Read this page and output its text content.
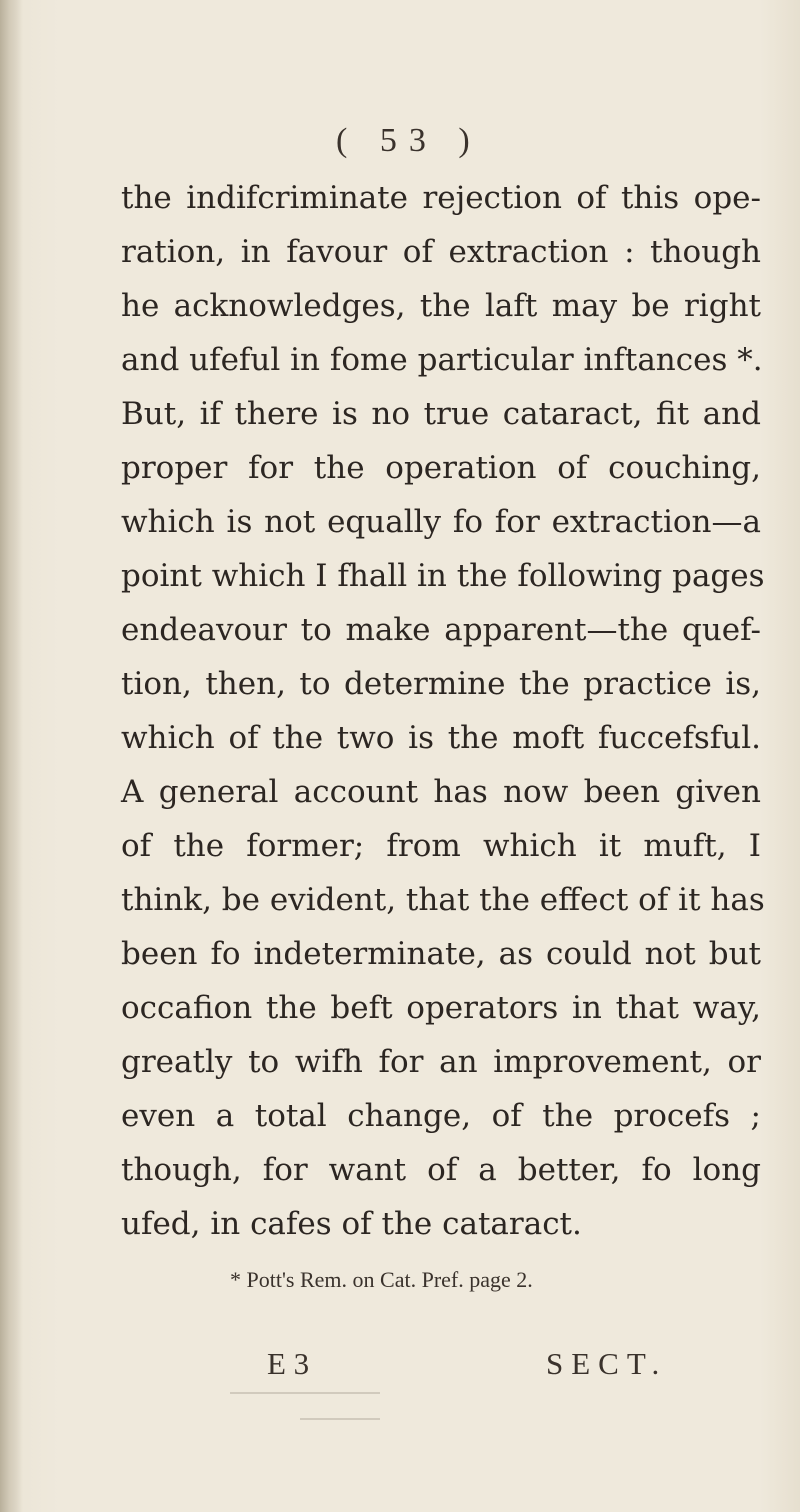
( 53 )
the indifcriminate rejection of this ope-
ration, in favour of extraction : though
he acknowledges, the laft may be right
and ufeful in fome particular inftances *.
But, if there is no true cataract, fit and
proper for the operation of couching,
which is not equally fo for extraction—a
point which I fhall in the following pages
endeavour to make apparent—the quef-
tion, then, to determine the practice is,
which of the two is the moft fuccefsful.
A general account has now been given
of the former; from which it muft, I
think, be evident, that the effect of it has
been fo indeterminate, as could not but
occafion the beft operators in that way,
greatly to wifh for an improvement, or
even a total change, of the procefs ;
though, for want of a better, fo long
ufed, in cafes of the cataract.
* Pott's Rem. on Cat. Pref. page 2.
E 3	SECT.
